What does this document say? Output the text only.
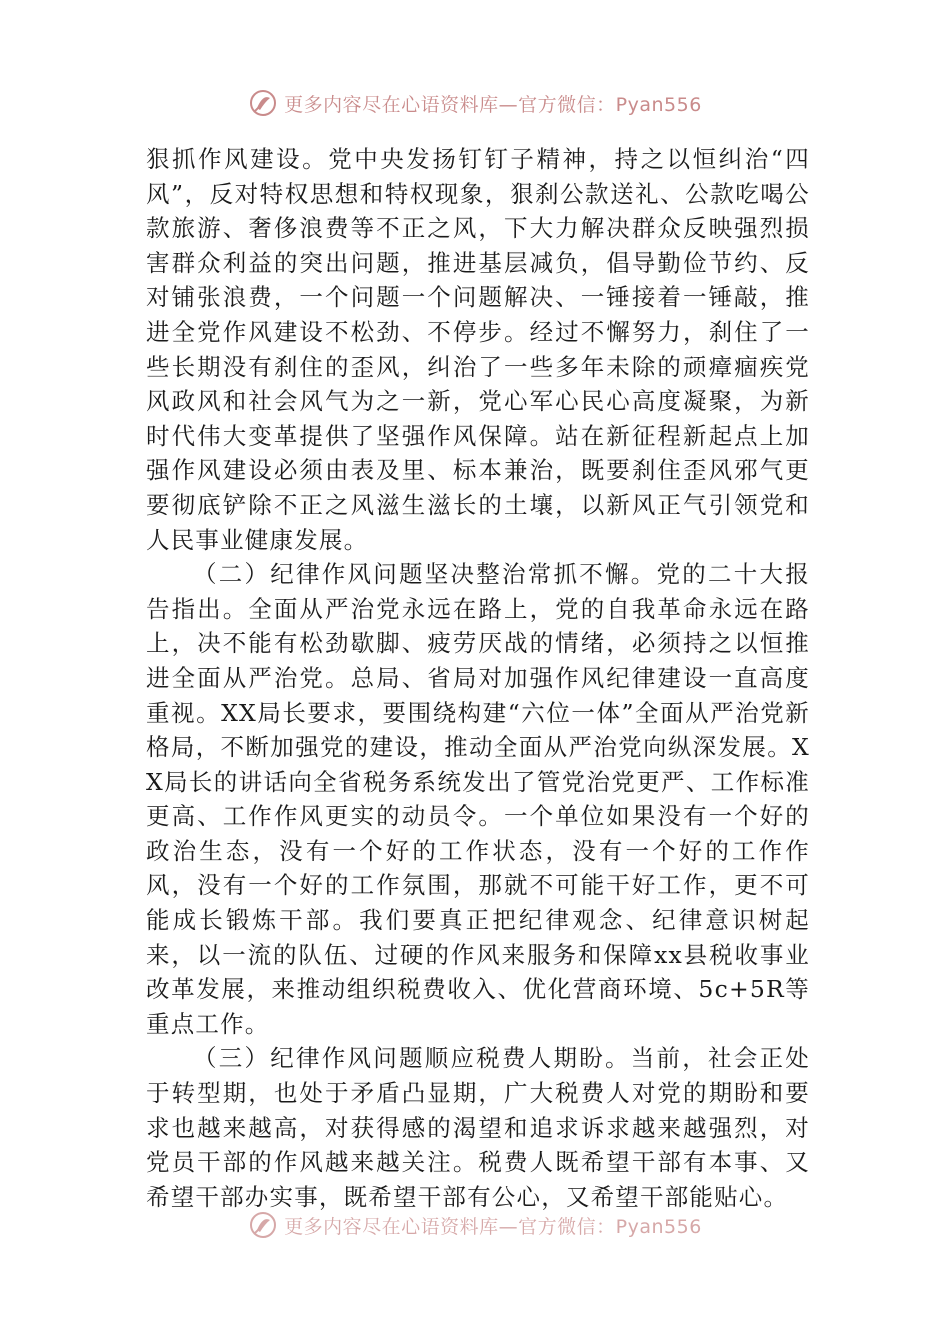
更多内容尽在心语资料库—官方微信：Pyan556

狠抓作风建设。党中央发扬钉钉子精神，持之以恒纠治“四风”，反对特权思想和特权现象，狠刹公款送礼、公款吃喝公款旅游、奢侈浪费等不正之风，下大力解决群众反映强烈损害群众利益的突出问题，推进基层减负，倡导勤俭节约、反对铺张浪费，一个问题一个问题解决、一锤接着一锤敲，推进全党作风建设不松劲、不停步。经过不懈努力，刹住了一些长期没有刹住的歪风，纠治了一些多年未除的顽瘴痼疾党风政风和社会风气为之一新，党心军心民心高度凝聚，为新时代伟大变革提供了坚强作风保障。站在新征程新起点上加强作风建设必须由表及里、标本兼治，既要刹住歪风邪气更要彻底铲除不正之风滋生滋长的土壤，以新风正气引领党和人民事业健康发展。

（二）纪律作风问题坚决整治常抓不懈。党的二十大报告指出。全面从严治党永远在路上，党的自我革命永远在路上，决不能有松劲歇脚、疲劳厌战的情绪，必须持之以恒推进全面从严治党。总局、省局对加强作风纪律建设一直高度重视。XX局长要求，要围绕构建“六位一体”全面从严治党新格局，不断加强党的建设，推动全面从严治党向纵深发展。XX局长的讲话向全省税务系统发出了管党治党更严、工作标准更高、工作作风更实的动员令。一个单位如果没有一个好的政治生态，没有一个好的工作状态，没有一个好的工作作风，没有一个好的工作氛围，那就不可能干好工作，更不可能成长锻炼干部。我们要真正把纪律观念、纪律意识树起来，以一流的队伍、过硬的作风来服务和保障xx县税收事业改革发展，来推动组织税费收入、优化营商环境、5c+5R等重点工作。

（三）纪律作风问题顺应税费人期盼。当前，社会正处于转型期，也处于矛盾凸显期，广大税费人对党的期盼和要求也越来越高，对获得感的渴望和追求诉求越来越强烈，对党员干部的作风越来越关注。税费人既希望干部有本事、又希望干部办实事，既希望干部有公心，又希望干部能贴心。

更多内容尽在心语资料库—官方微信：Pyan556
